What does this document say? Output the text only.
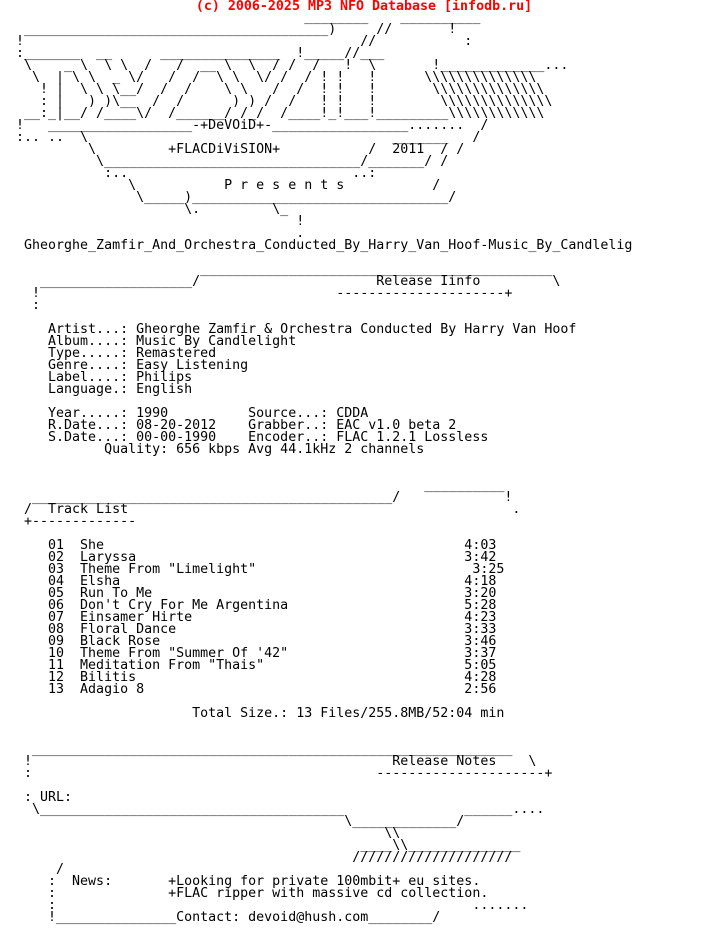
(c) 2006-2025 MP3 NFO Database [infodb.ru]
________    __________
______________________________________)     //       !
!                                          //           :
:_______  __      _______________  !_____//___
\    _ \  \ \  /   /  __ \  \  / /  /   !  \       !_____________...
\  | \ \  _ \/   /  /  \ \  \/ /  / ! !   !      \\\\\\\\\\\\\\
! |  \ \ \__/  /  /    \ \   /  /  ! !   !       \\\\\\\\\\\\\\
: |   ) )\__  /  /      ) ) /  /   ! !   !        \\\\\\\\\\\\\\
__:_|__/ /____\/  /______/ /_/  /____!_!___!_________\\\\\\\\\\\\
!   __________________-+DeVOiD+-_________________.......  /
:.. ..  \                                      _______   /
\         +FLACDiViSION+           /  2011  / /
\________________________________/_______/ /
:..                            ..:
\           P r e s e n t s           /
\_____)________________________________/
\.         \_
!
.
Gheorghe_Zamfir_And_Orchestra_Conducted_By_Harry_Van_Hoof-Music_By_Candlelig

____________________________________________
___________________/                      Release Iinfo         \
!                                     ---------------------+
:

Artist...: Gheorghe Zamfir & Orchestra Conducted By Harry Van Hoof
Album....: Music By Candlelight
Type.....: Remastered
Genre....: Easy Listening
Label....: Philips
Language.: English

Year.....: 1990          Source...: CDDA
R.Date...: 08-20-2012    Grabber..: EAC v1.0 beta 2
S.Date...: 00-00-1990    Encoder..: FLAC 1.2.1 Lossless
Quality: 656 kbps Avg 44.1kHz 2 channels

__________
_____________________________________________/             !
/  Track List                                                .
+-------------

01  She                                             4:03
02  Laryssa                                         3:42
03  Theme From "Limelight"                           3:25
04  Elsha                                           4:18
05  Run To Me                                       3:20
06  Don't Cry For Me Argentina                      5:28
07  Einsamer Hirte                                  4:23
08  Floral Dance                                    3:33
09  Black Rose                                      3:46
10  Theme From "Summer Of '42"                      3:37
11  Meditation From "Thais"                         5:05
12  Bilitis                                         4:28
13  Adagio 8                                        2:56

Total Size.: 13 Files/255.8MB/52:04 min

____________________________________________________________
!                                             Release Notes    \
:                                           ---------------------+

: URL:
\______________________________________               ______....
\_____________/
\\
____\\______________
////////////////////
/
:  News:       +Looking for private 100mbit+ eu sites.
:              +FLAC ripper with massive cd collection.
:                                                    .......
!_______________Contact: devoid@hush.com________/
